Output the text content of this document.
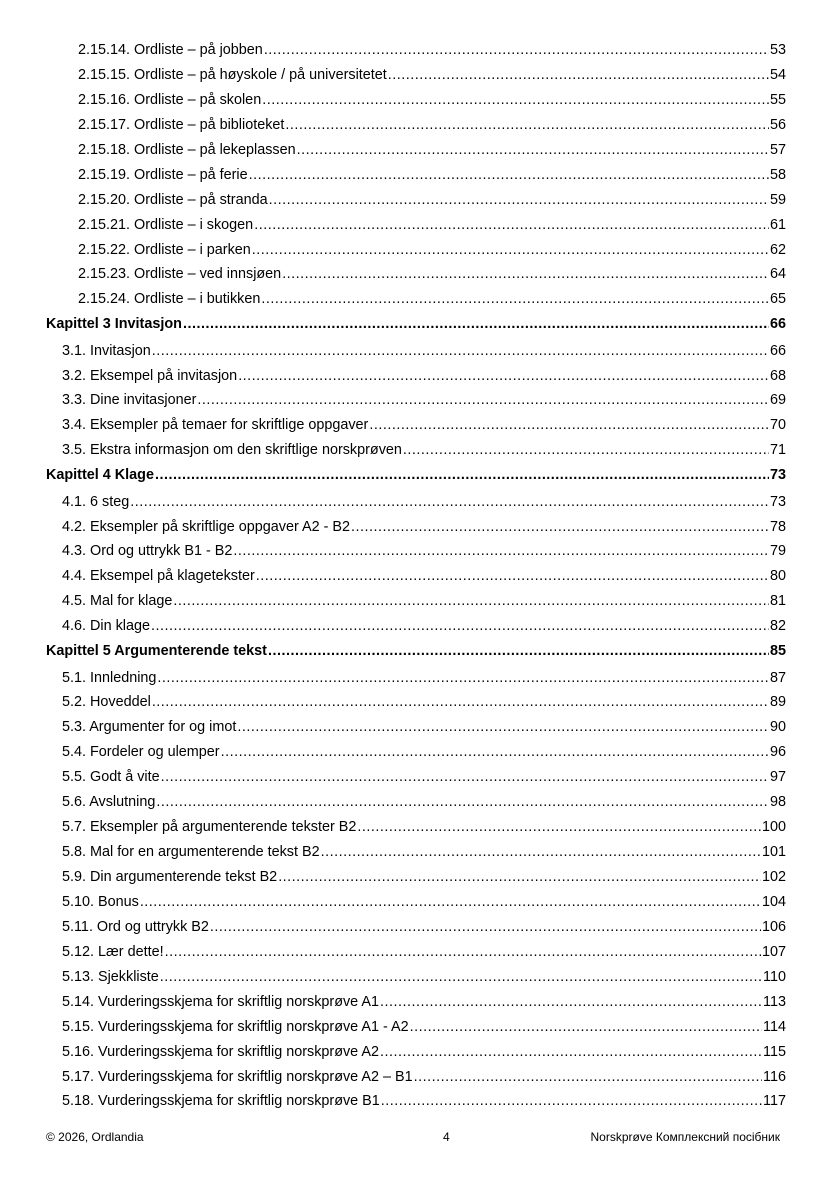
2.15.14. Ordliste – på jobben .....	53
2.15.15. Ordliste – på høyskole / på universitetet .....	54
2.15.16. Ordliste – på skolen .....	55
2.15.17. Ordliste – på biblioteket .....	56
2.15.18. Ordliste – på lekeplassen .....	57
2.15.19. Ordliste – på ferie .....	58
2.15.20. Ordliste – på stranda .....	59
2.15.21. Ordliste – i skogen .....	61
2.15.22. Ordliste – i parken .....	62
2.15.23. Ordliste – ved innsjøen .....	64
2.15.24. Ordliste – i butikken .....	65
Kapittel 3 Invitasjon .....	66
3.1. Invitasjon .....	66
3.2. Eksempel på invitasjon .....	68
3.3. Dine invitasjoner .....	69
3.4. Eksempler på temaer for skriftlige oppgaver .....	70
3.5. Ekstra informasjon om den skriftlige norskprøven .....	71
Kapittel 4 Klage .....	73
4.1. 6 steg .....	73
4.2. Eksempler på skriftlige oppgaver A2 - B2 .....	78
4.3. Ord og uttrykk B1 - B2 .....	79
4.4. Eksempel på klagetekster .....	80
4.5. Mal for klage .....	81
4.6. Din klage .....	82
Kapittel 5 Argumenterende tekst .....	85
5.1. Innledning .....	87
5.2. Hoveddel .....	89
5.3. Argumenter for og imot .....	90
5.4. Fordeler og ulemper .....	96
5.5. Godt å vite .....	97
5.6. Avslutning .....	98
5.7. Eksempler på argumenterende tekster B2 .....	100
5.8. Mal for en argumenterende tekst B2 .....	101
5.9. Din argumenterende tekst B2 .....	102
5.10. Bonus .....	104
5.11. Ord og uttrykk B2 .....	106
5.12. Lær dette! .....	107
5.13. Sjekkliste .....	110
5.14. Vurderingsskjema for skriftlig norskprøve A1 .....	113
5.15. Vurderingsskjema for skriftlig norskprøve A1 - A2 .....	114
5.16. Vurderingsskjema for skriftlig norskprøve A2 .....	115
5.17. Vurderingsskjema for skriftlig norskprøve A2 – B1 .....	116
5.18. Vurderingsskjema for skriftlig norskprøve B1 .....	117
© 2026, Ordlandia	4	Norskprøve Комплексний посібник
